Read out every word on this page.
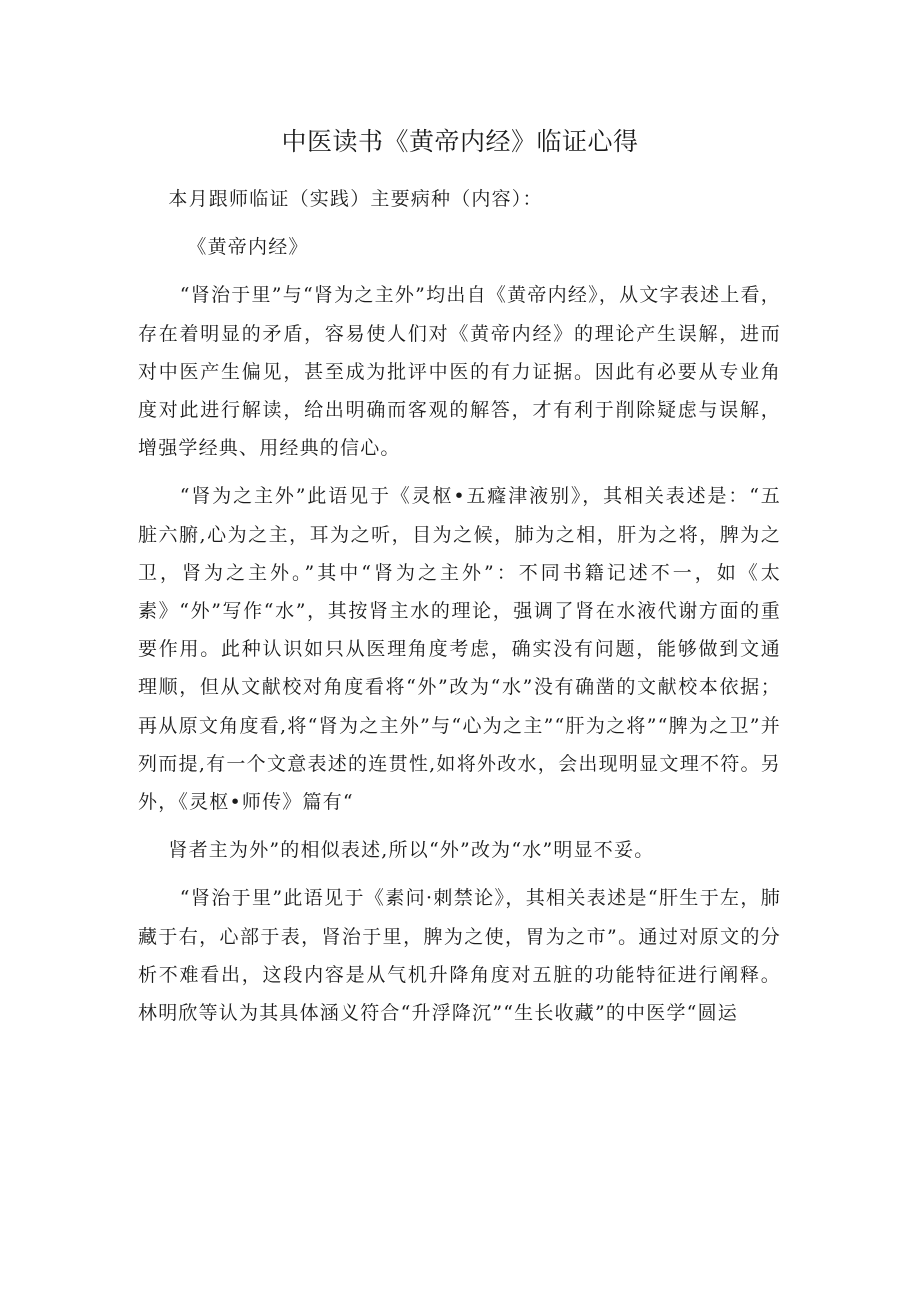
中医读书《黄帝内经》临证心得

本月跟师临证（实践）主要病种（内容）：

《黄帝内经》

“肾治于里”与“肾为之主外”均出自《黄帝内经》，从文字表述上看，存在着明显的矛盾，容易使人们对《黄帝内经》的理论产生误解，进而对中医产生偏见，甚至成为批评中医的有力证据。因此有必要从专业角度对此进行解读，给出明确而客观的解答，才有利于削除疑虑与误解，增强学经典、用经典的信心。

“肾为之主外”此语见于《灵枢•五癃津液别》，其相关表述是：“五脏六腑,心为之主，耳为之听，目为之候，肺为之相，肝为之将，脾为之卫，肾为之主外。”其中“肾为之主外”：不同书籍记述不一，如《太素》“外”写作“水”，其按肾主水的理论，强调了肾在水液代谢方面的重要作用。此种认识如只从医理角度考虑，确实没有问题，能够做到文通理顺，但从文献校对角度看将“外”改为“水”没有确凿的文献校本依据；再从原文角度看,将“肾为之主外”与“心为之主”“肝为之将”“脾为之卫”并列而提,有一个文意表述的连贯性,如将外改水，会出现明显文理不符。另外，《灵枢•师传》篇有“

肾者主为外”的相似表述,所以“外”改为“水”明显不妥。

“肾治于里”此语见于《素问·刺禁论》，其相关表述是“肝生于左，肺藏于右，心部于表，肾治于里，脾为之使，胃为之市”。通过对原文的分析不难看出，这段内容是从气机升降角度对五脏的功能特征进行阐释。林明欣等认为其具体涵义符合“升浮降沉”“生长收藏”的中医学“圆运
